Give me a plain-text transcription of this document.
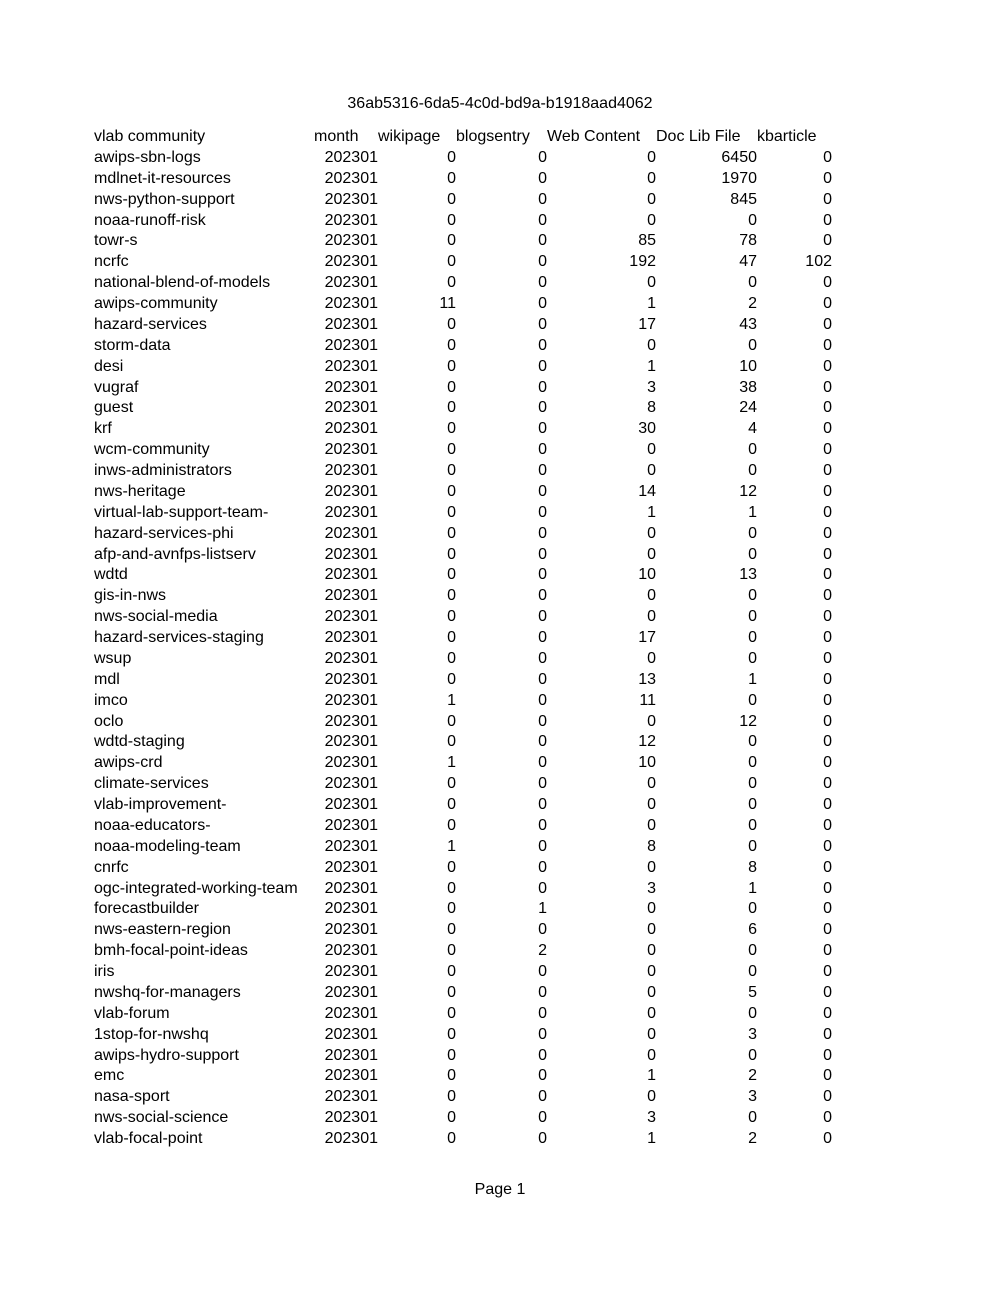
36ab5316-6da5-4c0d-bd9a-b1918aad4062
vlab community	month	wikipage	blogsentry	Web Content	Doc Lib File	kbarticle
awips-sbn-logs	202301	0	0	0	6450	0
mdlnet-it-resources	202301	0	0	0	1970	0
nws-python-support	202301	0	0	0	845	0
noaa-runoff-risk	202301	0	0	0	0	0
towr-s	202301	0	0	85	78	0
ncrfc	202301	0	0	192	47	102
national-blend-of-models	202301	0	0	0	0	0
awips-community	202301	11	0	1	2	0
hazard-services	202301	0	0	17	43	0
storm-data	202301	0	0	0	0	0
desi	202301	0	0	1	10	0
vugraf	202301	0	0	3	38	0
guest	202301	0	0	8	24	0
krf	202301	0	0	30	4	0
wcm-community	202301	0	0	0	0	0
inws-administrators	202301	0	0	0	0	0
nws-heritage	202301	0	0	14	12	0
virtual-lab-support-team-	202301	0	0	1	1	0
hazard-services-phi	202301	0	0	0	0	0
afp-and-avnfps-listserv	202301	0	0	0	0	0
wdtd	202301	0	0	10	13	0
gis-in-nws	202301	0	0	0	0	0
nws-social-media	202301	0	0	0	0	0
hazard-services-staging	202301	0	0	17	0	0
wsup	202301	0	0	0	0	0
mdl	202301	0	0	13	1	0
imco	202301	1	0	11	0	0
oclo	202301	0	0	0	12	0
wdtd-staging	202301	0	0	12	0	0
awips-crd	202301	1	0	10	0	0
climate-services	202301	0	0	0	0	0
vlab-improvement-	202301	0	0	0	0	0
noaa-educators-	202301	0	0	0	0	0
noaa-modeling-team	202301	1	0	8	0	0
cnrfc	202301	0	0	0	8	0
ogc-integrated-working-team	202301	0	0	3	1	0
forecastbuilder	202301	0	1	0	0	0
nws-eastern-region	202301	0	0	0	6	0
bmh-focal-point-ideas	202301	0	2	0	0	0
iris	202301	0	0	0	0	0
nwshq-for-managers	202301	0	0	0	5	0
vlab-forum	202301	0	0	0	0	0
1stop-for-nwshq	202301	0	0	0	3	0
awips-hydro-support	202301	0	0	0	0	0
emc	202301	0	0	1	2	0
nasa-sport	202301	0	0	0	3	0
nws-social-science	202301	0	0	3	0	0
vlab-focal-point	202301	0	0	1	2	0
Page 1
